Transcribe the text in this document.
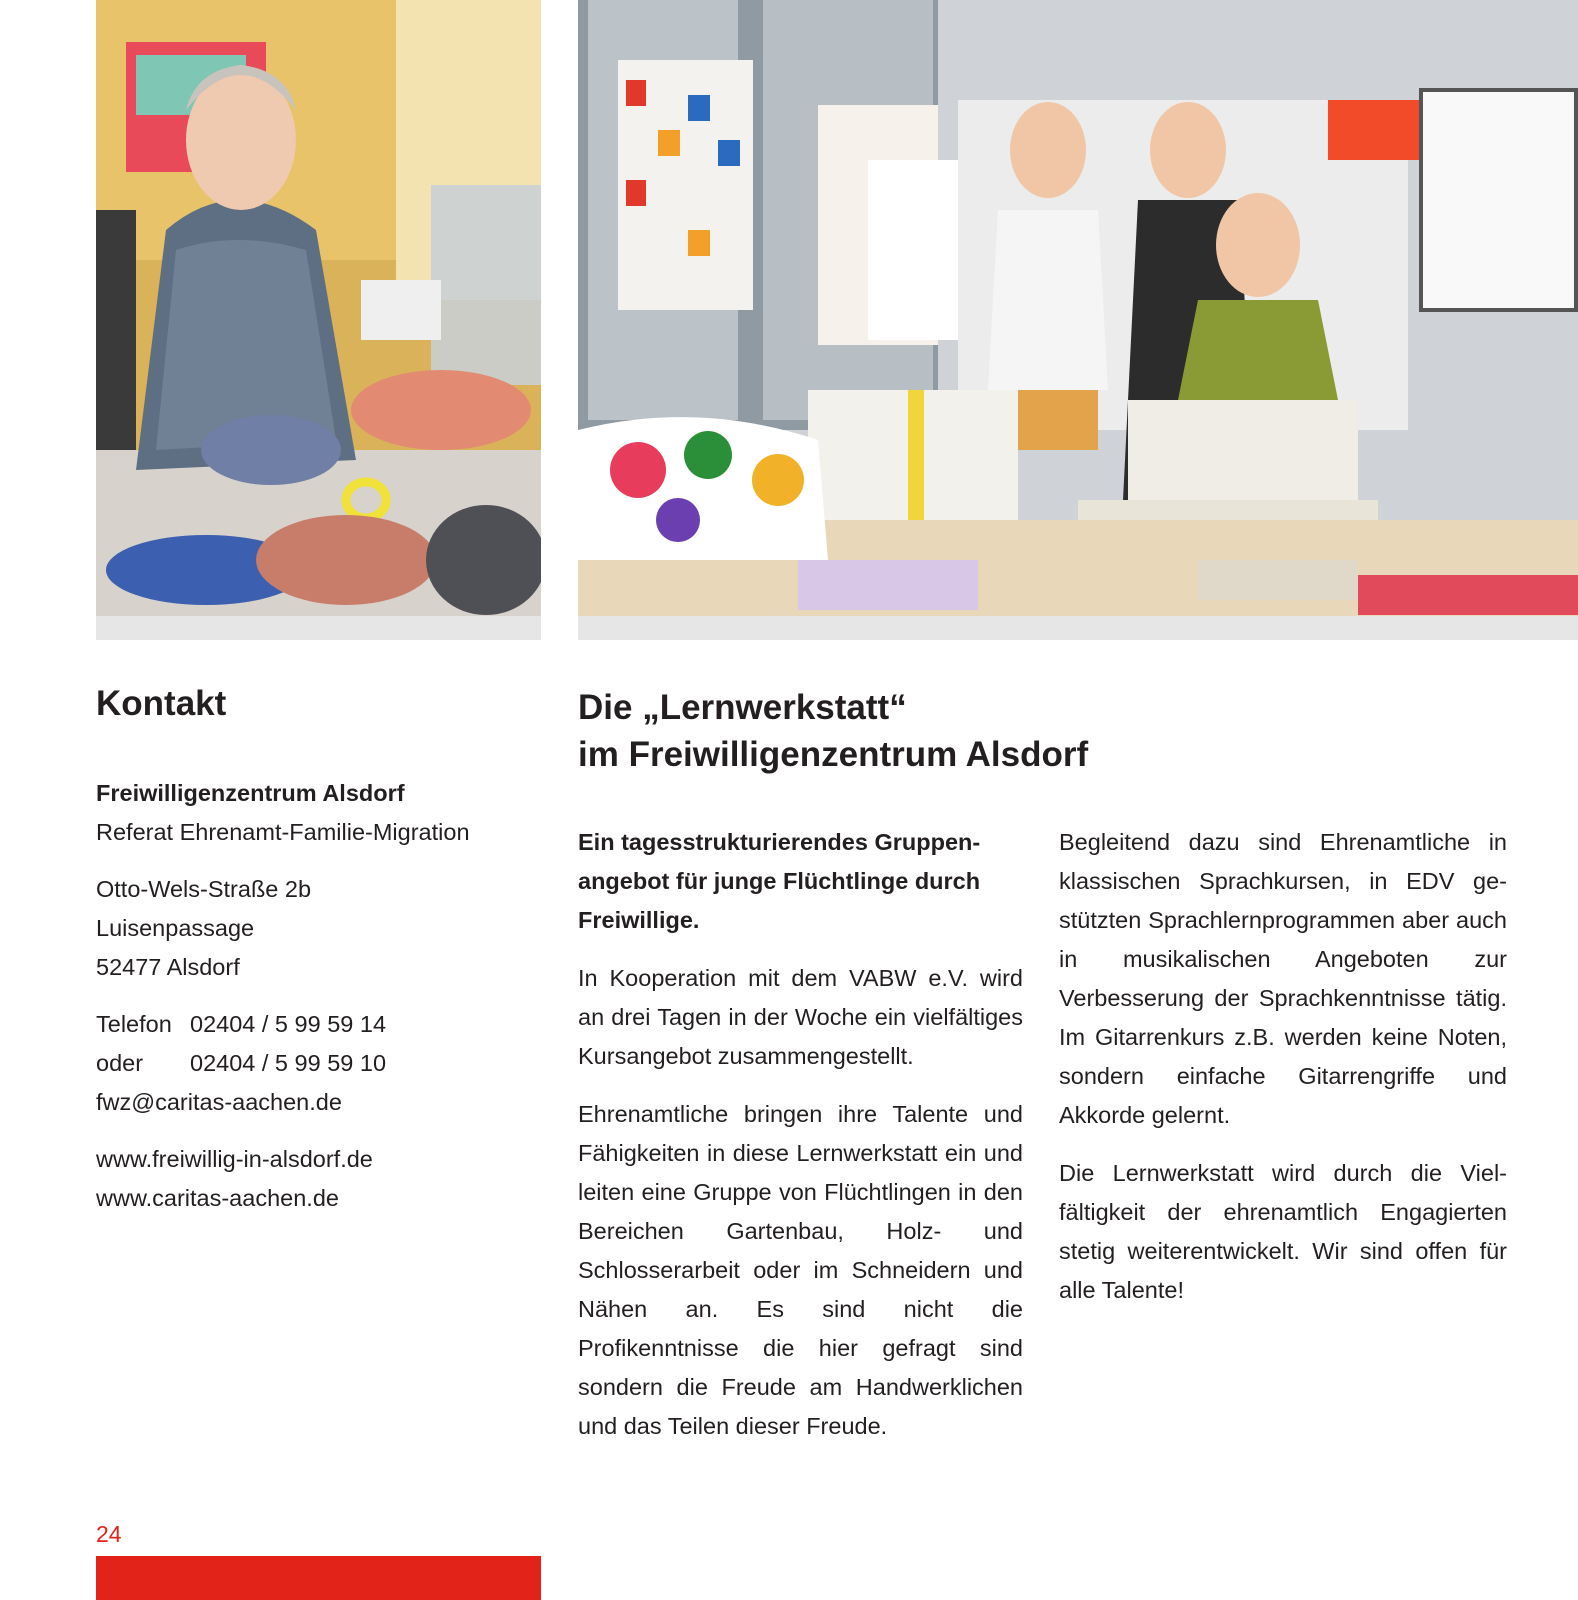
Kontakt	Die „Lernwerkstatt“
im Freiwilligenzentrum Alsdorf
Freiwilligenzentrum Alsdorf
Referat Ehrenamt-Familie-Migration
Otto-Wels-Straße 2b
Luisenpassage
52477 Alsdorf
Telefon 02404 / 5 99 59 14
oder 02404 / 5 99 59 10
fwz@caritas-aachen.de
www.freiwillig-in-alsdorf.de
www.caritas-aachen.de

Ein tagesstrukturierendes Gruppenangebot für junge Flüchtlinge durch Freiwillige.

In Kooperation mit dem VABW e.V. wird an drei Tagen in der Woche ein vielfältiges Kursangebot zusammengestellt.

Ehrenamtliche bringen ihre Talente und Fähigkeiten in diese Lernwerkstatt ein und leiten eine Gruppe von Flüchtlingen in den Bereichen Gartenbau, Holz- und Schlosserarbeit oder im Schneidern und Nähen an. Es sind nicht die Profikenntnisse die hier gefragt sind sondern die Freude am Handwerklichen und das Teilen dieser Freude.

Begleitend dazu sind Ehrenamtliche in klassischen Sprachkursen, in EDV gestützten Sprachlernprogrammen aber auch in musikalischen Angeboten zur Verbesserung der Sprachkenntnisse tätig. Im Gitarrenkurs z.B. werden keine Noten, sondern einfache Gitarrengriffe und Akkorde gelernt.

Die Lernwerkstatt wird durch die Vielfältigkeit der ehrenamtlich Engagierten stetig weiterentwickelt. Wir sind offen für alle Talente!

24
